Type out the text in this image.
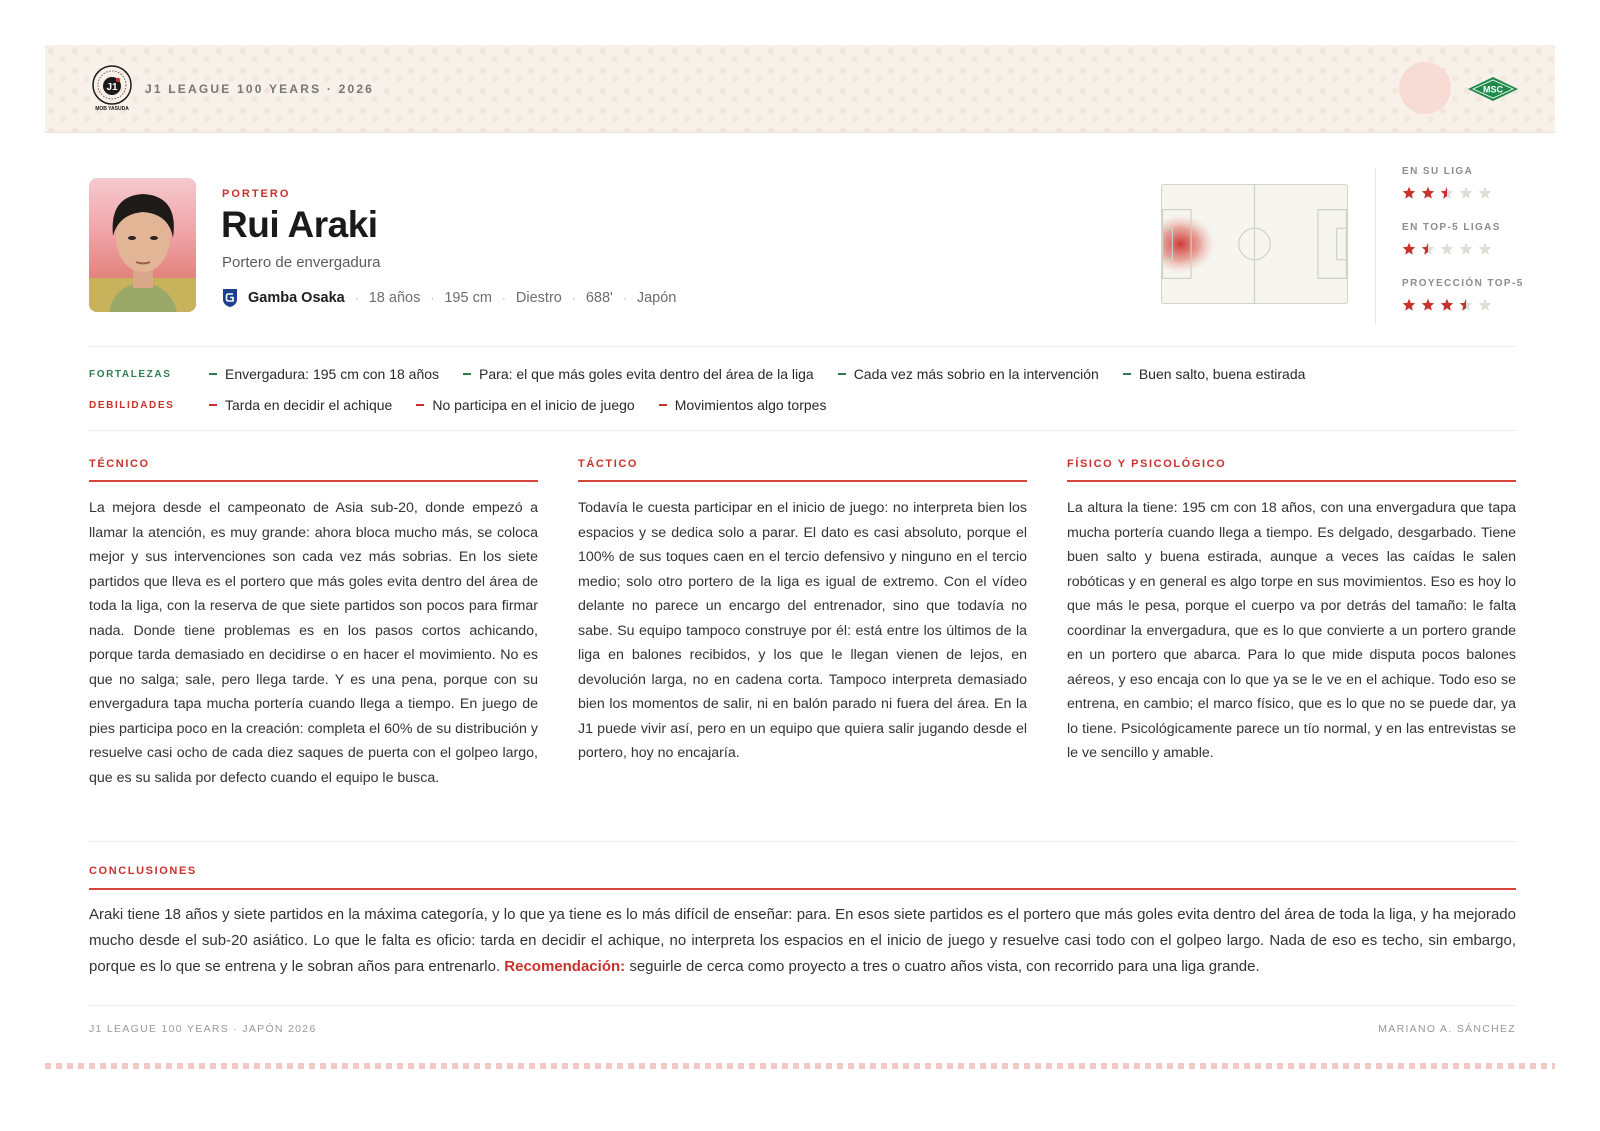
J1
MOB YASUDA
J1 LEAGUE 100 YEARS · 2026	MSC
PORTERO
Rui Araki
Portero de envergadura
Gamba Osaka · 18 años · 195 cm · Diestro · 688' · Japón
EN SU LIGA
EN TOP-5 LIGAS
PROYECCIÓN TOP-5
FORTALEZAS	Envergadura: 195 cm con 18 años	Para: el que más goles evita dentro del área de la liga	Cada vez más sobrio en la intervención	Buen salto, buena estirada
DEBILIDADES	Tarda en decidir el achique	No participa en el inicio de juego	Movimientos algo torpes
TÉCNICO
La mejora desde el campeonato de Asia sub-20, donde empezó a llamar la atención, es muy grande: ahora bloca mucho más, se coloca mejor y sus intervenciones son cada vez más sobrias. En los siete partidos que lleva es el portero que más goles evita dentro del área de toda la liga, con la reserva de que siete partidos son pocos para firmar nada. Donde tiene problemas es en los pasos cortos achicando, porque tarda demasiado en decidirse o en hacer el movimiento. No es que no salga; sale, pero llega tarde. Y es una pena, porque con su envergadura tapa mucha portería cuando llega a tiempo. En juego de pies participa poco en la creación: completa el 60% de su distribución y resuelve casi ocho de cada diez saques de puerta con el golpeo largo, que es su salida por defecto cuando el equipo le busca.
TÁCTICO
Todavía le cuesta participar en el inicio de juego: no interpreta bien los espacios y se dedica solo a parar. El dato es casi absoluto, porque el 100% de sus toques caen en el tercio defensivo y ninguno en el tercio medio; solo otro portero de la liga es igual de extremo. Con el vídeo delante no parece un encargo del entrenador, sino que todavía no sabe. Su equipo tampoco construye por él: está entre los últimos de la liga en balones recibidos, y los que le llegan vienen de lejos, en devolución larga, no en cadena corta. Tampoco interpreta demasiado bien los momentos de salir, ni en balón parado ni fuera del área. En la J1 puede vivir así, pero en un equipo que quiera salir jugando desde el portero, hoy no encajaría.
FÍSICO Y PSICOLÓGICO
La altura la tiene: 195 cm con 18 años, con una envergadura que tapa mucha portería cuando llega a tiempo. Es delgado, desgarbado. Tiene buen salto y buena estirada, aunque a veces las caídas le salen robóticas y en general es algo torpe en sus movimientos. Eso es hoy lo que más le pesa, porque el cuerpo va por detrás del tamaño: le falta coordinar la envergadura, que es lo que convierte a un portero grande en un portero que abarca. Para lo que mide disputa pocos balones aéreos, y eso encaja con lo que ya se le ve en el achique. Todo eso se entrena, en cambio; el marco físico, que es lo que no se puede dar, ya lo tiene. Psicológicamente parece un tío normal, y en las entrevistas se le ve sencillo y amable.
CONCLUSIONES
Araki tiene 18 años y siete partidos en la máxima categoría, y lo que ya tiene es lo más difícil de enseñar: para. En esos siete partidos es el portero que más goles evita dentro del área de toda la liga, y ha mejorado mucho desde el sub-20 asiático. Lo que le falta es oficio: tarda en decidir el achique, no interpreta los espacios en el inicio de juego y resuelve casi todo con el golpeo largo. Nada de eso es techo, sin embargo, porque es lo que se entrena y le sobran años para entrenarlo. Recomendación: seguirle de cerca como proyecto a tres o cuatro años vista, con recorrido para una liga grande.
J1 LEAGUE 100 YEARS · JAPÓN 2026	MARIANO A. SÁNCHEZ
